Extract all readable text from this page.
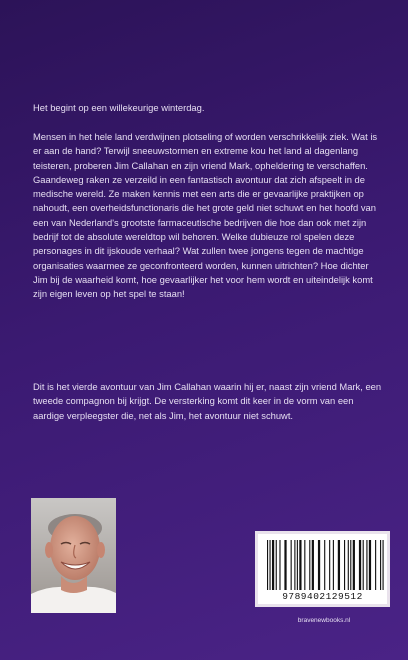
Het begint op een willekeurige winterdag.
Mensen in het hele land verdwijnen plotseling of worden verschrikkelijk ziek. Wat is er aan de hand? Terwijl sneeuwstormen en extreme kou het land al dagenlang teisteren, proberen Jim Callahan en zijn vriend Mark, opheldering te verschaffen. Gaandeweg raken ze verzeild in een fantastisch avontuur dat zich afspeelt in de medische wereld. Ze maken kennis met een arts die er gevaarlijke praktijken op nahoudt, een overheidsfunctionaris die het grote geld niet schuwt en het hoofd van een van Nederland's grootste farmaceutische bedrijven die hoe dan ook met zijn bedrijf tot de absolute wereldtop wil behoren. Welke dubieuze rol spelen deze personages in dit ijskoude verhaal? Wat zullen twee jongens tegen de machtige organisaties waarmee ze geconfronteerd worden, kunnen uitrichten? Hoe dichter Jim bij de waarheid komt, hoe gevaarlijker het voor hem wordt en uiteindelijk komt zijn eigen leven op het spel te staan!
Dit is het vierde avontuur van Jim Callahan waarin hij er, naast zijn vriend Mark, een tweede compagnon bij krijgt. De versterking komt dit keer in de vorm van een aardige verpleegster die, net als Jim, het avontuur niet schuwt.
9789402129512
bravenewbooks.nl
